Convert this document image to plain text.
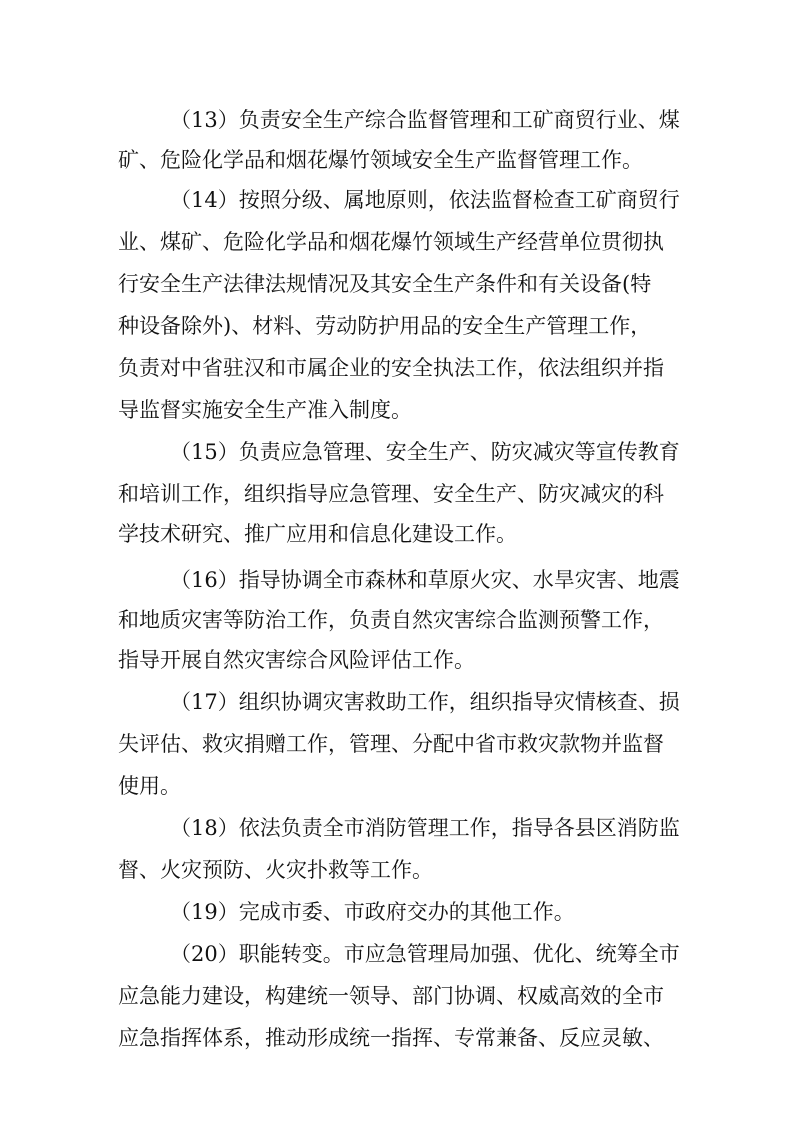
（13）负责安全生产综合监督管理和工矿商贸行业、煤
矿、危险化学品和烟花爆竹领域安全生产监督管理工作。
（14）按照分级、属地原则，依法监督检查工矿商贸行
业、煤矿、危险化学品和烟花爆竹领域生产经营单位贯彻执
行安全生产法律法规情况及其安全生产条件和有关设备(特
种设备除外)、材料、劳动防护用品的安全生产管理工作，
负责对中省驻汉和市属企业的安全执法工作，依法组织并指
导监督实施安全生产准入制度。
（15）负责应急管理、安全生产、防灾减灾等宣传教育
和培训工作，组织指导应急管理、安全生产、防灾减灾的科
学技术研究、推广应用和信息化建设工作。
（16）指导协调全市森林和草原火灾、水旱灾害、地震
和地质灾害等防治工作，负责自然灾害综合监测预警工作，
指导开展自然灾害综合风险评估工作。
（17）组织协调灾害救助工作，组织指导灾情核查、损
失评估、救灾捐赠工作，管理、分配中省市救灾款物并监督
使用。
（18）依法负责全市消防管理工作，指导各县区消防监
督、火灾预防、火灾扑救等工作。
（19）完成市委、市政府交办的其他工作。
（20）职能转变。市应急管理局加强、优化、统筹全市
应急能力建设，构建统一领导、部门协调、权威高效的全市
应急指挥体系，推动形成统一指挥、专常兼备、反应灵敏、
